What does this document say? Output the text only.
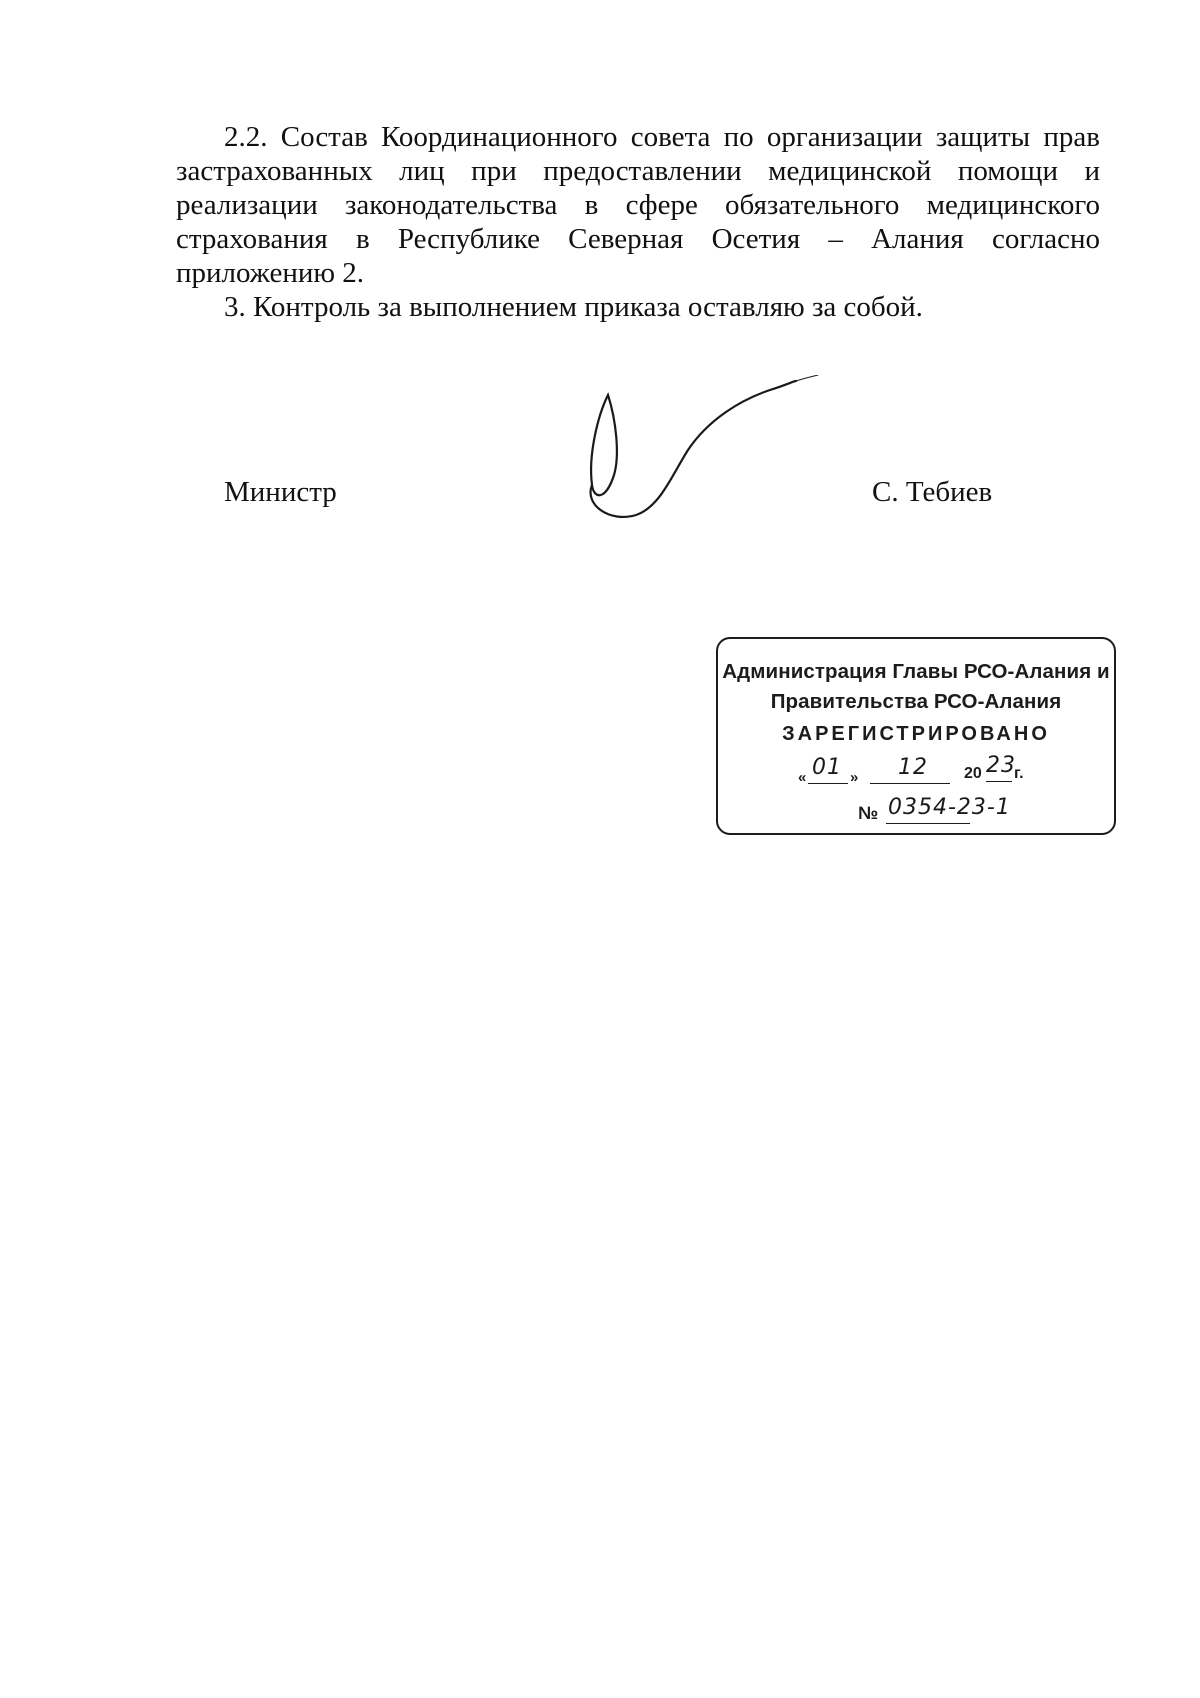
2.2. Состав Координационного совета по организации защиты прав застрахованных лиц при предоставлении медицинской помощи и реализации законодательства в сфере обязательного медицинского страхования в Республике Северная Осетия – Алания согласно приложению 2.

3. Контроль за выполнением приказа оставляю за собой.

Министр	С. Тебиев
Администрация Главы РСО-Алания и
Правительства РСО-Алания
ЗАРЕГИСТРИРОВАНО
« 01 » 12 20 23
г.
№ 0354-23-1
